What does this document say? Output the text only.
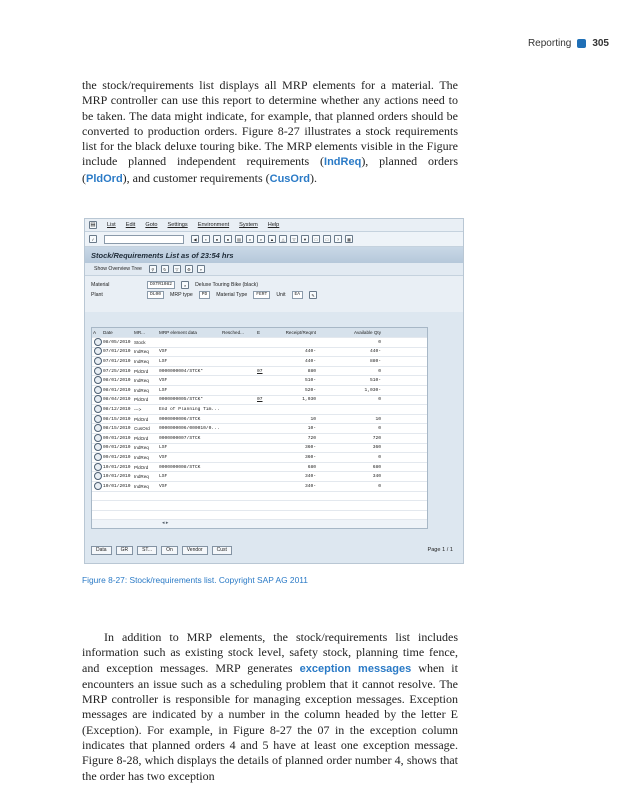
Reporting 305
the stock/requirements list displays all MRP elements for a material. The MRP controller can use this report to determine whether any actions need to be taken. The data might indicate, for example, that planned orders should be converted to production orders. Figure 8-27 illustrates a stock requirements list for the black deluxe touring bike. The MRP elements visible in the Figure include planned independent requirements (IndReq), planned orders (PldOrd), and customer requirements (CusOrd).
▤ List Edit Goto Settings Environment System Help
✓	◀	▪	●	●	▤	⌕	⌕	▲	△	▽	▼	□	□	?	▦
Stock/Requirements List as of 23:54 hrs
Show Overview Tree	⚲	↻	▽	⚙	▿
Material	DXTR1082	⌕	Deluxe Touring Bike (black)
Plant	DL00	MRP type	PD	Material Type	FERT	Unit	EA	✎
A	Date	MR...	MRP element data	Resched...	E	Receipt/Reqmt	Available Qty
08/05/2010 Stock	0
07/01/2010 IndReq	VSF	440-	440-
07/01/2010 IndReq	LSF	440-	880-
07/25/2010 PldOrd	0000000004/STCK*	07	880	0
08/01/2010 IndReq	VSF	510-	510-
08/01/2010 IndReq	LSF	520-	1,030-
08/04/2010 PldOrd	0000000005/STCK*	07	1,030	0
08/12/2010 --->	End of Planning Tim...
08/15/2010 PldOrd	0000000006/STCK	10	10
08/15/2010 CusOrd	0000000006/000010/0...	10-	0
09/01/2010 PldOrd	0000000007/STCK	720	720
09/01/2010 IndReq	LSF	360-	360
09/01/2010 IndReq	VSF	360-	0
10/01/2010 PldOrd	0000000008/STCK	680	680
10/01/2010 IndReq	LSF	340-	340
10/01/2010 IndReq	VSF	340-	0
◂ ▸
Data	GR	ST...	On	Vendor	Cust	Page 1 / 1
Figure 8-27: Stock/requirements list. Copyright SAP AG 2011
In addition to MRP elements, the stock/requirements list includes information such as existing stock level, safety stock, planning time fence, and exception messages. MRP generates exception messages when it encounters an issue such as a scheduling problem that it cannot resolve. The MRP controller is responsible for managing exception messages. Exception messages are indicated by a number in the column headed by the letter E (Exception). For example, in Figure 8-27 the 07 in the exception column indicates that planned orders 4 and 5 have at least one exception message. Figure 8-28, which displays the details of planned order number 4, shows that the order has two exception
